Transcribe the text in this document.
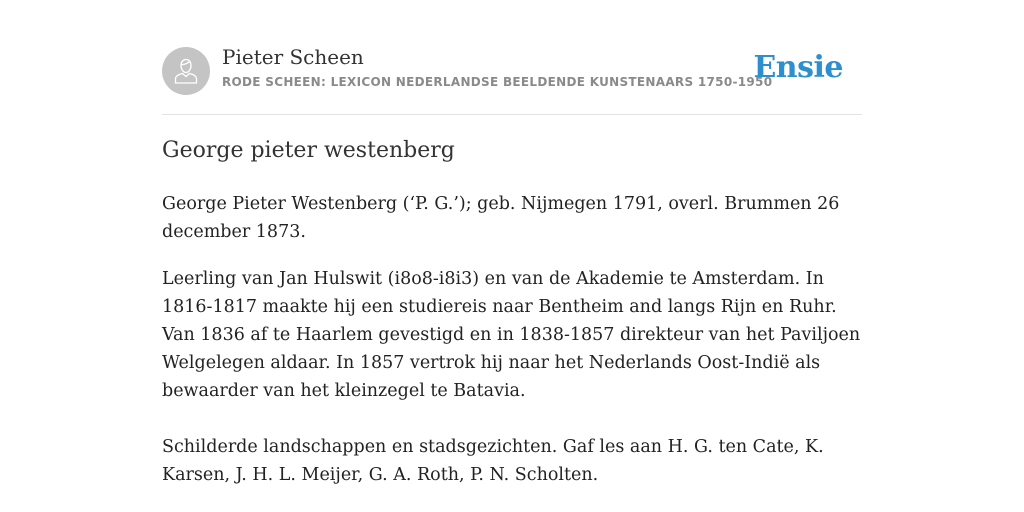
Pieter Scheen
RODE SCHEEN: LEXICON NEDERLANDSE BEELDENDE KUNSTENAARS 1750-1950
Ensie
George pieter westenberg

George Pieter Westenberg (‘P. G.’); geb. Nijmegen 1791, overl. Brummen 26 december 1873.

Leerling van Jan Hulswit (i8o8-i8i3) en van de Akademie te Amsterdam. In 1816-1817 maakte hij een studiereis naar Bentheim and langs Rijn en Ruhr. Van 1836 af te Haarlem gevestigd en in 1838-1857 direkteur van het Paviljoen Welgelegen aldaar. In 1857 vertrok hij naar het Nederlands Oost-Indië als bewaarder van het kleinzegel te Batavia.

Schilderde landschappen en stadsgezichten. Gaf les aan H. G. ten Cate, K. Karsen, J. H. L. Meijer, G. A. Roth, P. N. Scholten.
